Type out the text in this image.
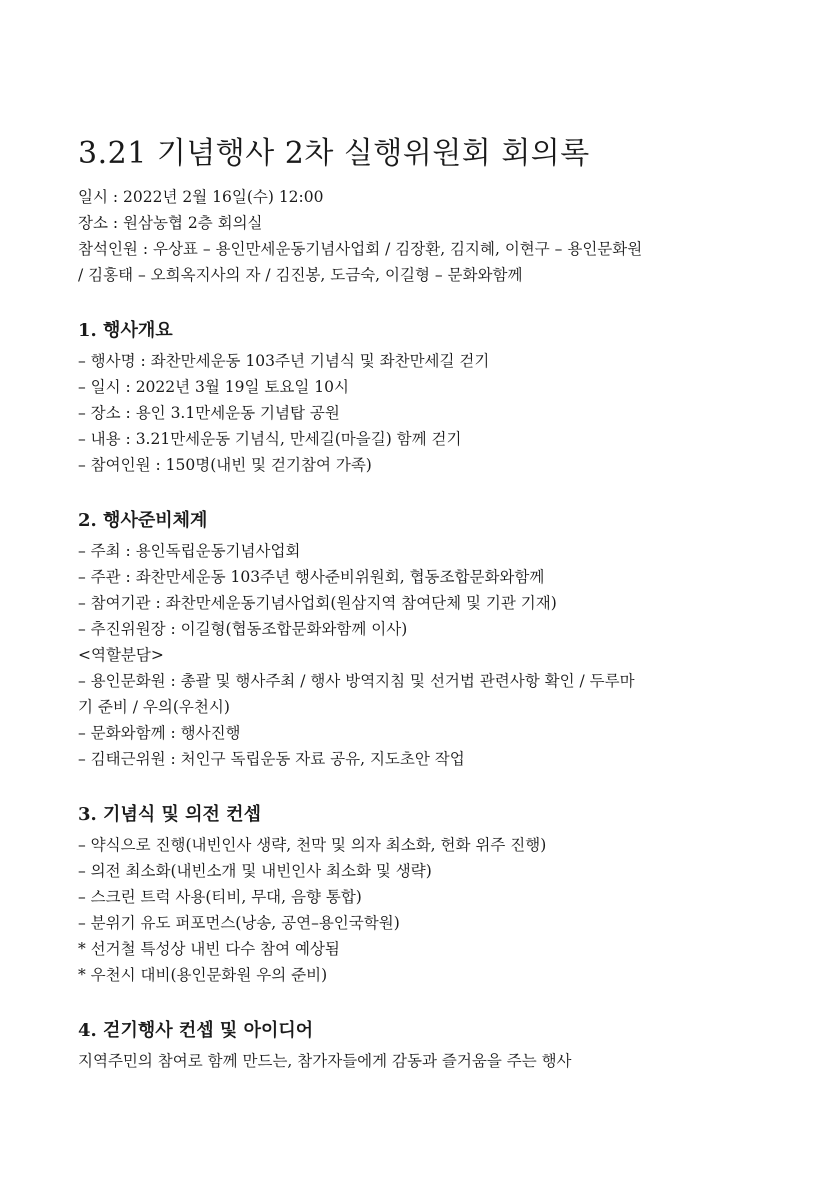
3.21 기념행사 2차 실행위원회 회의록

일시 : 2022년 2월 16일(수) 12:00

장소 : 원삼농협 2층 회의실

참석인원 : 우상표 – 용인만세운동기념사업회 / 김장환, 김지혜, 이현구 – 용인문화원

/ 김홍태 – 오희옥지사의 자 / 김진봉, 도금숙, 이길형 – 문화와함께

1. 행사개요

– 행사명 : 좌찬만세운동 103주년 기념식 및 좌찬만세길 걷기

– 일시 : 2022년 3월 19일 토요일 10시

– 장소 : 용인 3.1만세운동 기념탑 공원

– 내용 : 3.21만세운동 기념식, 만세길(마을길) 함께 걷기

– 참여인원 : 150명(내빈 및 걷기참여 가족)

2. 행사준비체계

– 주최 : 용인독립운동기념사업회

– 주관 : 좌찬만세운동 103주년 행사준비위원회, 협동조합문화와함께

– 참여기관 : 좌찬만세운동기념사업회(원삼지역 참여단체 및 기관 기재)

– 추진위원장 : 이길형(협동조합문화와함께 이사)

<역할분담>

– 용인문화원 : 총괄 및 행사주최 / 행사 방역지침 및 선거법 관련사항 확인 / 두루마

기 준비 / 우의(우천시)

– 문화와함께 : 행사진행

– 김태근위원 : 처인구 독립운동 자료 공유, 지도초안 작업

3. 기념식 및 의전 컨셉

– 약식으로 진행(내빈인사 생략, 천막 및 의자 최소화, 헌화 위주 진행)

– 의전 최소화(내빈소개 및 내빈인사 최소화 및 생략)

– 스크린 트럭 사용(티비, 무대, 음향 통합)

– 분위기 유도 퍼포먼스(낭송, 공연–용인국학원)

* 선거철 특성상 내빈 다수 참여 예상됨

* 우천시 대비(용인문화원 우의 준비)

4. 걷기행사 컨셉 및 아이디어

지역주민의 참여로 함께 만드는, 참가자들에게 감동과 즐거움을 주는 행사
